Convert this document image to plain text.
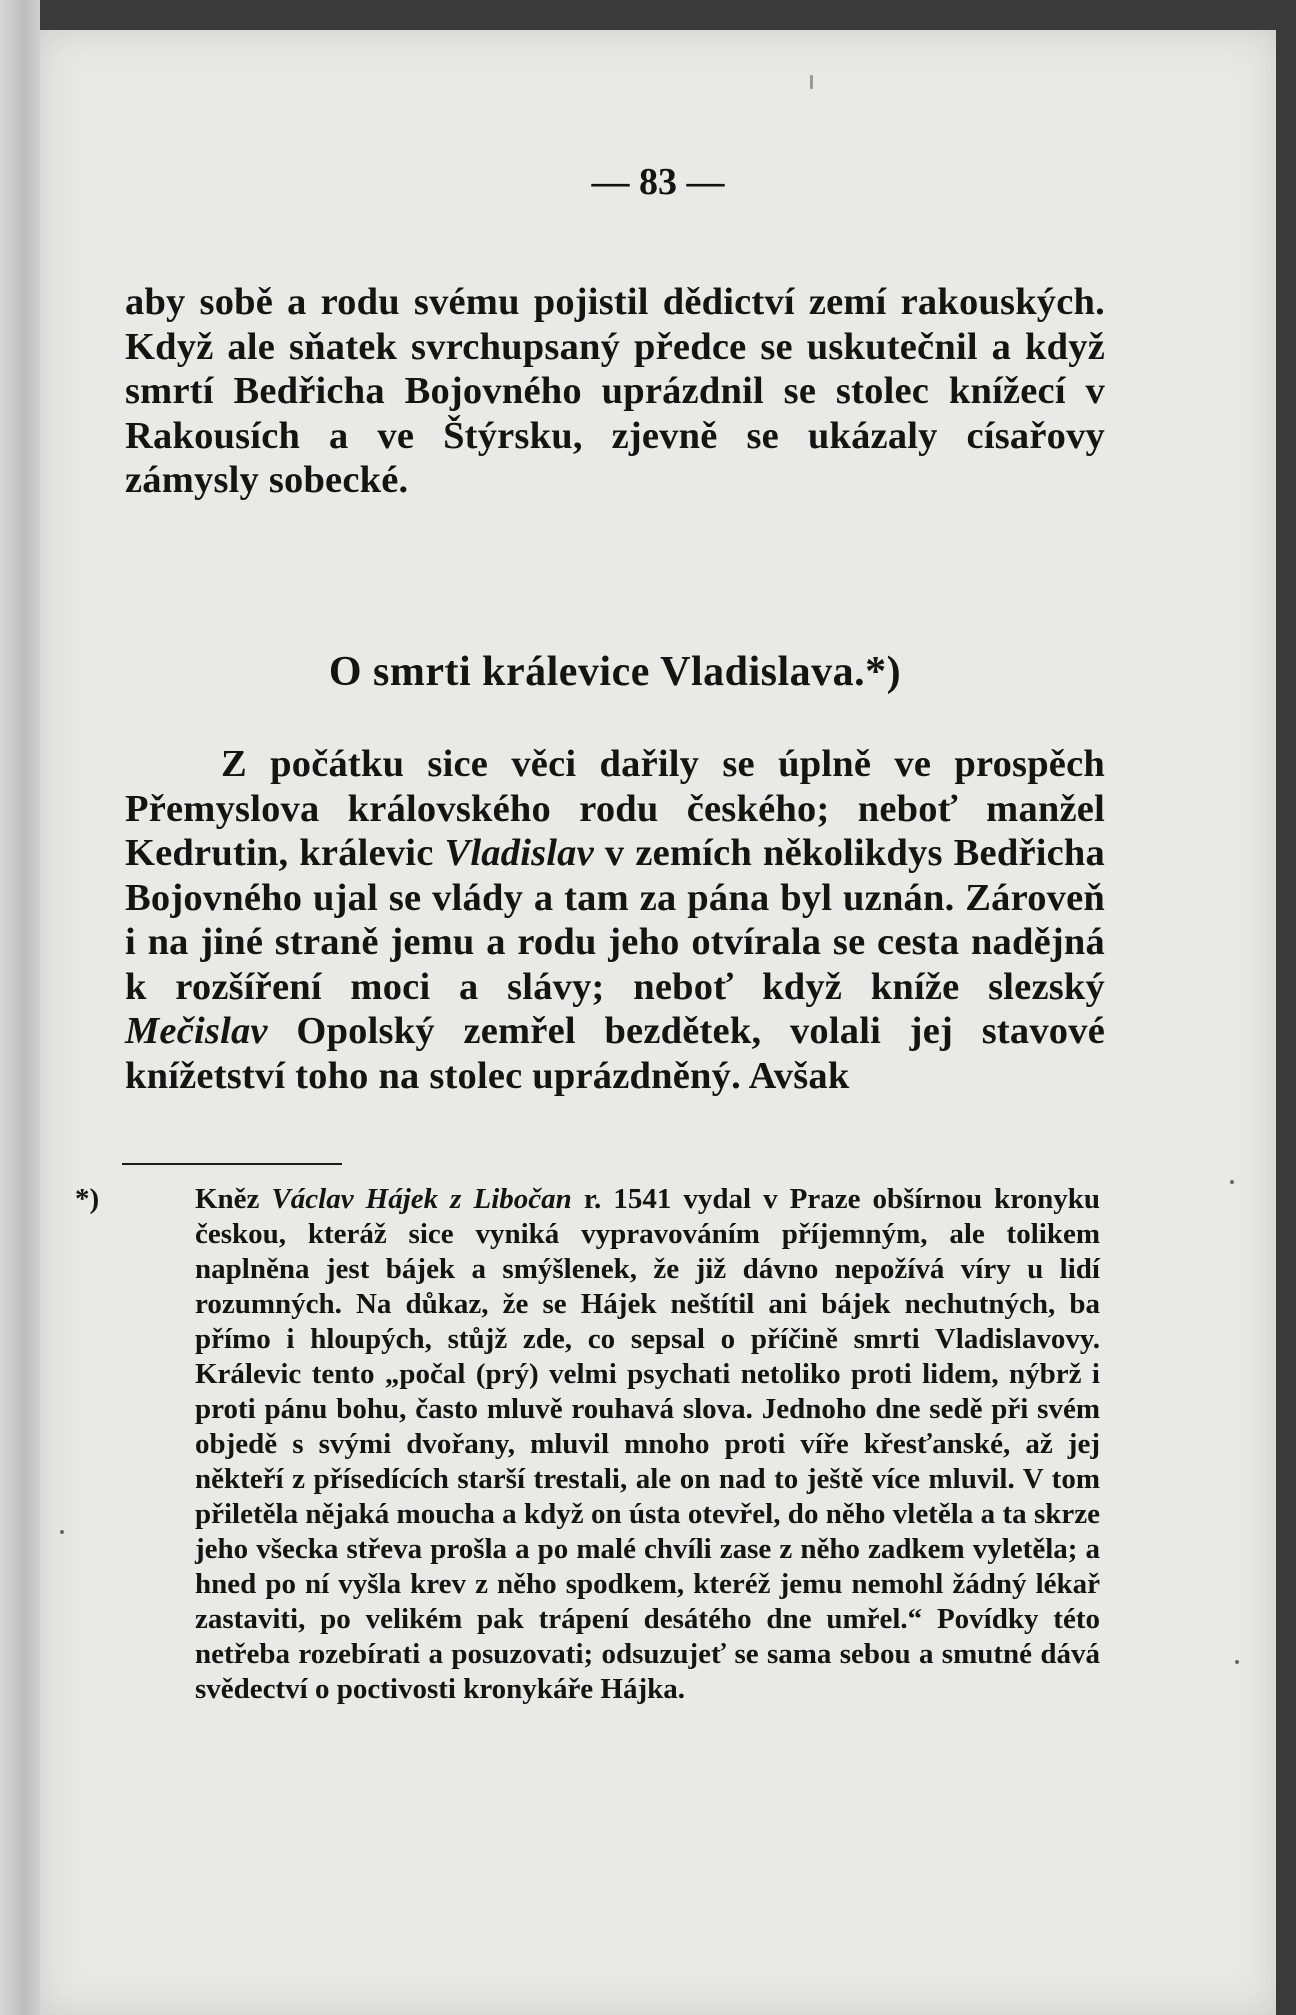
— 83 —

aby sobě a rodu svému pojistil dědictví zemí rakouských. Když ale sňatek svrchupsaný předce se uskutečnil a když smrtí Bedřicha Bojovného uprázdnil se stolec knížecí v Rakousích a ve Štýrsku, zjevně se ukázaly císařovy zámysly sobecké.

O smrti králevice Vladislava.*)

Z počátku sice věci dařily se úplně ve prospěch Přemyslova královského rodu českého; neboť manžel Kedrutin, králevic Vladislav v zemích několikdys Bedřicha Bojovného ujal se vlády a tam za pána byl uznán. Zároveň i na jiné straně jemu a rodu jeho otvírala se cesta nadějná k rozšíření moci a slávy; neboť když kníže slezský Mečislav Opolský zemřel bezdětek, volali jej stavové knížetství toho na stolec uprázdněný. Avšak

*)	Kněz Václav Hájek z Libočan r. 1541 vydal v Praze obšírnou kronyku českou, kteráž sice vyniká vypravováním příjemným, ale tolikem naplněna jest bájek a smýšlenek, že již dávno nepožívá víry u lidí rozumných. Na důkaz, že se Hájek neštítil ani bájek nechutných, ba přímo i hloupých, stůjž zde, co sepsal o příčině smrti Vladislavovy. Králevic tento „počal (prý) velmi psychati netoliko proti lidem, nýbrž i proti pánu bohu, často mluvě rouhavá slova. Jednoho dne sedě při svém objedě s svými dvořany, mluvil mnoho proti víře křesťanské, až jej někteří z přísedících starší trestali, ale on nad to ještě více mluvil. V tom přiletěla nějaká moucha a když on ústa otevřel, do něho vletěla a ta skrze jeho všecka střeva prošla a po malé chvíli zase z něho zadkem vyletěla; a hned po ní vyšla krev z něho spodkem, kteréž jemu nemohl žádný lékař zastaviti, po velikém pak trápení desátého dne umřel.“ Povídky této netřeba rozebírati a posuzovati; odsuzujeť se sama sebou a smutné dává svědectví o poctivosti kronykáře Hájka.
